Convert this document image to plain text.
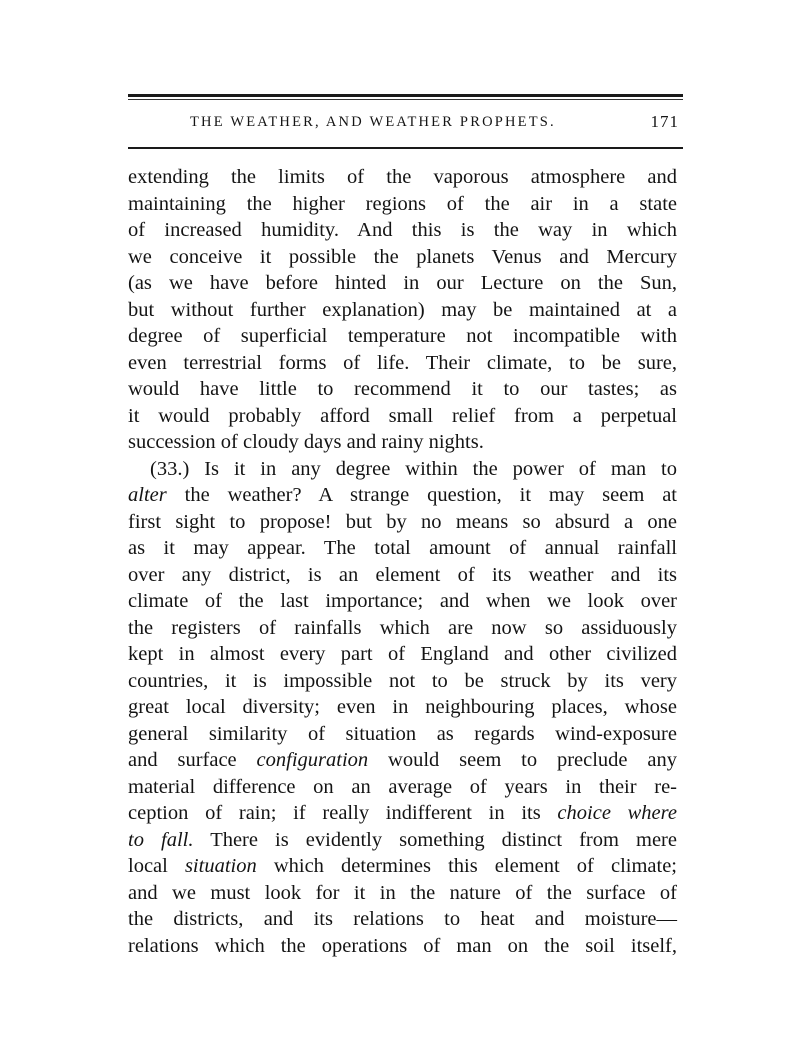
THE WEATHER, AND WEATHER PROPHETS.	171
extending the limits of the vaporous atmosphere and
maintaining the higher regions of the air in a state
of increased humidity. And this is the way in which
we conceive it possible the planets Venus and Mercury
(as we have before hinted in our Lecture on the Sun,
but without further explanation) may be maintained at a
degree of superficial temperature not incompatible with
even terrestrial forms of life. Their climate, to be sure,
would have little to recommend it to our tastes; as
it would probably afford small relief from a perpetual
succession of cloudy days and rainy nights.
(33.) Is it in any degree within the power of man to
alter the weather? A strange question, it may seem at
first sight to propose! but by no means so absurd a one
as it may appear. The total amount of annual rainfall
over any district, is an element of its weather and its
climate of the last importance; and when we look over
the registers of rainfalls which are now so assiduously
kept in almost every part of England and other civilized
countries, it is impossible not to be struck by its very
great local diversity; even in neighbouring places, whose
general similarity of situation as regards wind-exposure
and surface configuration would seem to preclude any
material difference on an average of years in their re-
ception of rain; if really indifferent in its choice where
to fall. There is evidently something distinct from mere
local situation which determines this element of climate;
and we must look for it in the nature of the surface of
the districts, and its relations to heat and moisture—
relations which the operations of man on the soil itself,
